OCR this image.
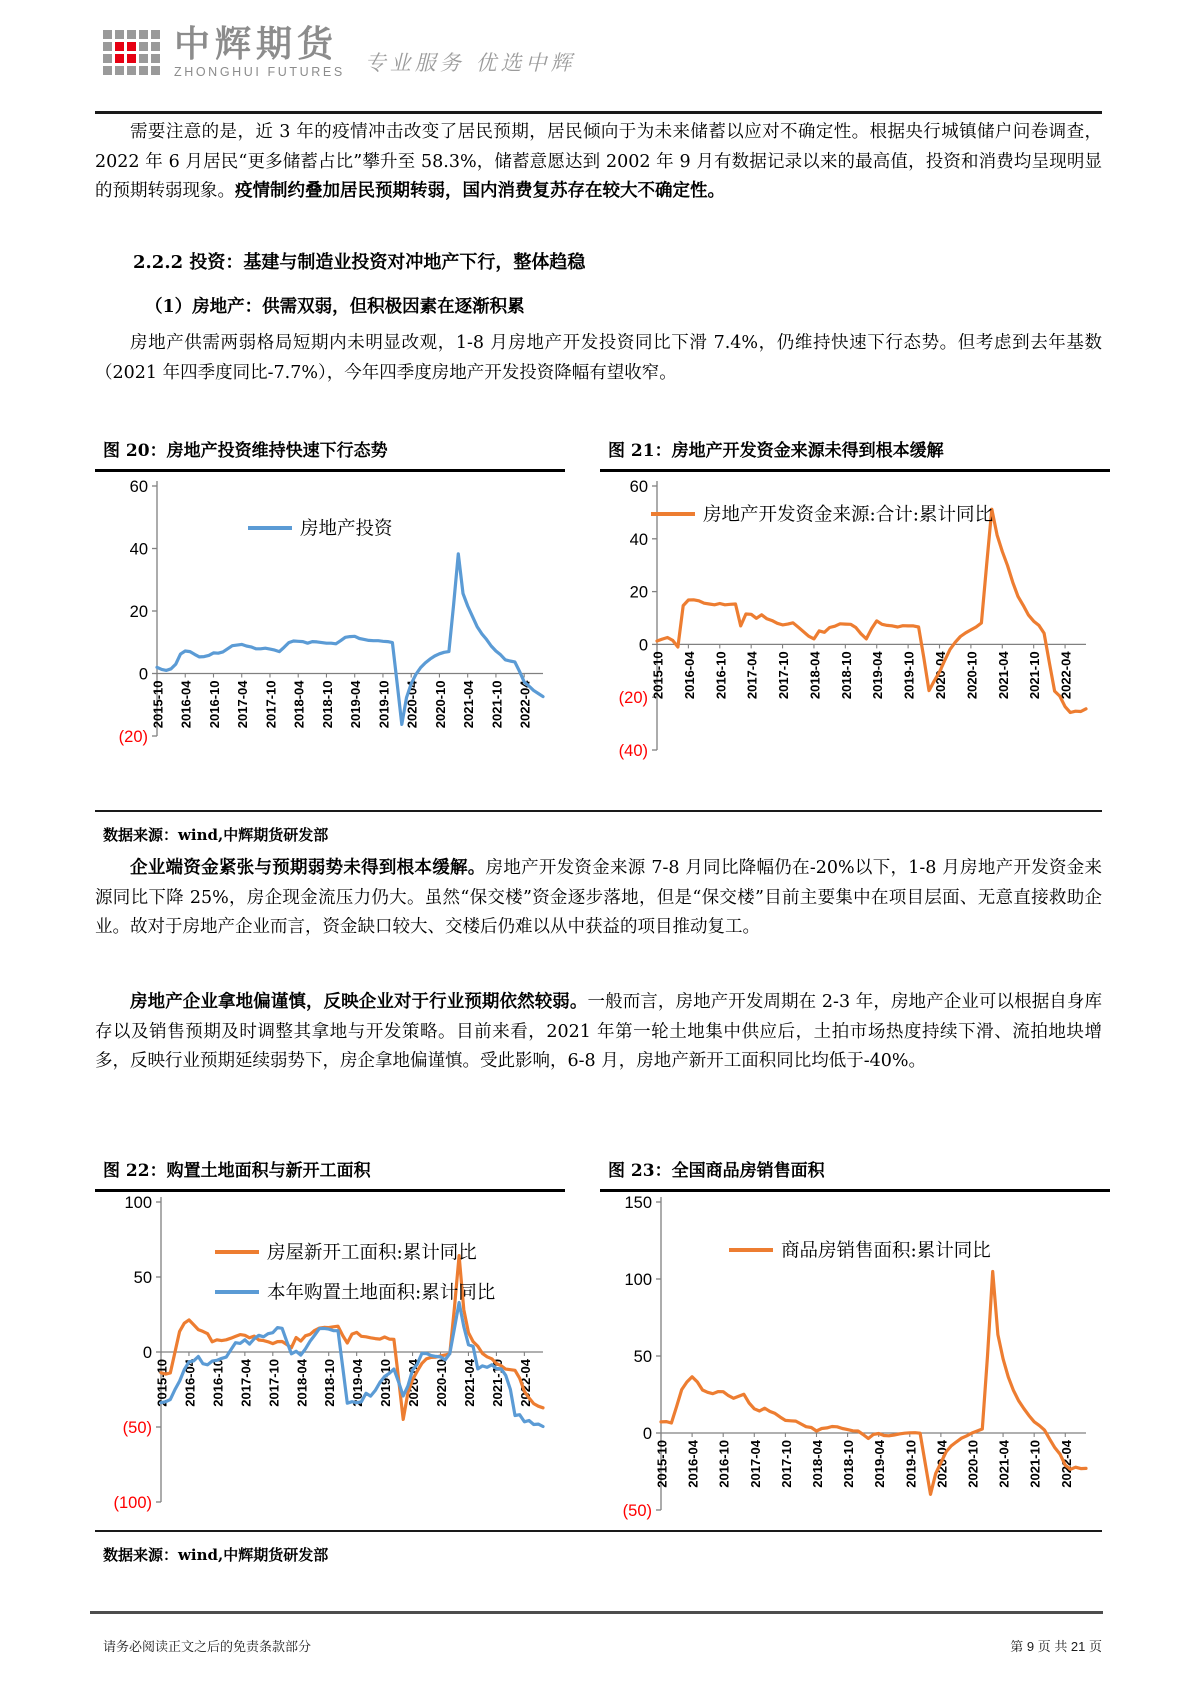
中辉期货
ZHONGHUI FUTURES 专业服务 优选中辉

需要注意的是，近 3 年的疫情冲击改变了居民预期，居民倾向于为未来储蓄以应对不确定性。根据央行城镇储户问卷调查，2022 年 6 月居民“更多储蓄占比”攀升至 58.3%，储蓄意愿达到 2002 年 9 月有数据记录以来的最高值，投资和消费均呈现明显的预期转弱现象。疫情制约叠加居民预期转弱，国内消费复苏存在较大不确定性。

2.2.2 投资：基建与制造业投资对冲地产下行，整体趋稳
（1）房地产：供需双弱，但积极因素在逐渐积累

房地产供需两弱格局短期内未明显改观，1-8 月房地产开发投资同比下滑 7.4%，仍维持快速下行态势。但考虑到去年基数（2021 年四季度同比-7.7%），今年四季度房地产开发投资降幅有望收窄。

图 20：房地产投资维持快速下行态势	图 21：房地产开发资金来源未得到根本缓解
60
40
20
0
(20)
2015-10 2016-04 2016-10 2017-04 2017-10 2018-04 2018-10 2019-04 2019-10 2020-04 2020-10 2021-04 2021-10 2022-04
房地产投资
60
40
20
0
(20)
(40)
2015-10 2016-04 2016-10 2017-04 2017-10 2018-04 2018-10 2019-04 2019-10 2020-04 2020-10 2021-04 2021-10 2022-04
房地产开发资金来源:合计:累计同比
数据来源：wind,中辉期货研发部

企业端资金紧张与预期弱势未得到根本缓解。房地产开发资金来源 7-8 月同比降幅仍在-20%以下，1-8 月房地产开发资金来源同比下降 25%，房企现金流压力仍大。虽然“保交楼”资金逐步落地，但是“保交楼”目前主要集中在项目层面、无意直接救助企业。故对于房地产企业而言，资金缺口较大、交楼后仍难以从中获益的项目推动复工。

房地产企业拿地偏谨慎，反映企业对于行业预期依然较弱。一般而言，房地产开发周期在 2-3 年，房地产企业可以根据自身库存以及销售预期及时调整其拿地与开发策略。目前来看，2021 年第一轮土地集中供应后，土拍市场热度持续下滑、流拍地块增多，反映行业预期延续弱势下，房企拿地偏谨慎。受此影响，6-8 月，房地产新开工面积同比均低于-40%。

图 22：购置土地面积与新开工面积	图 23：全国商品房销售面积
100
50
0
(50)
(100)
2015-10 2016-04 2016-10 2017-04 2017-10 2018-04 2018-10 2019-04 2019-10 2020-04 2020-10 2021-04 2021-10 2022-04
房屋新开工面积:累计同比
本年购置土地面积:累计同比
150
100
50
0
(50)
2015-10 2016-04 2016-10 2017-04 2017-10 2018-04 2018-10 2019-04 2019-10 2020-04 2020-10 2021-04 2021-10 2022-04
商品房销售面积:累计同比
数据来源：wind,中辉期货研发部
请务必阅读正文之后的免责条款部分	第 9 页 共 21 页
